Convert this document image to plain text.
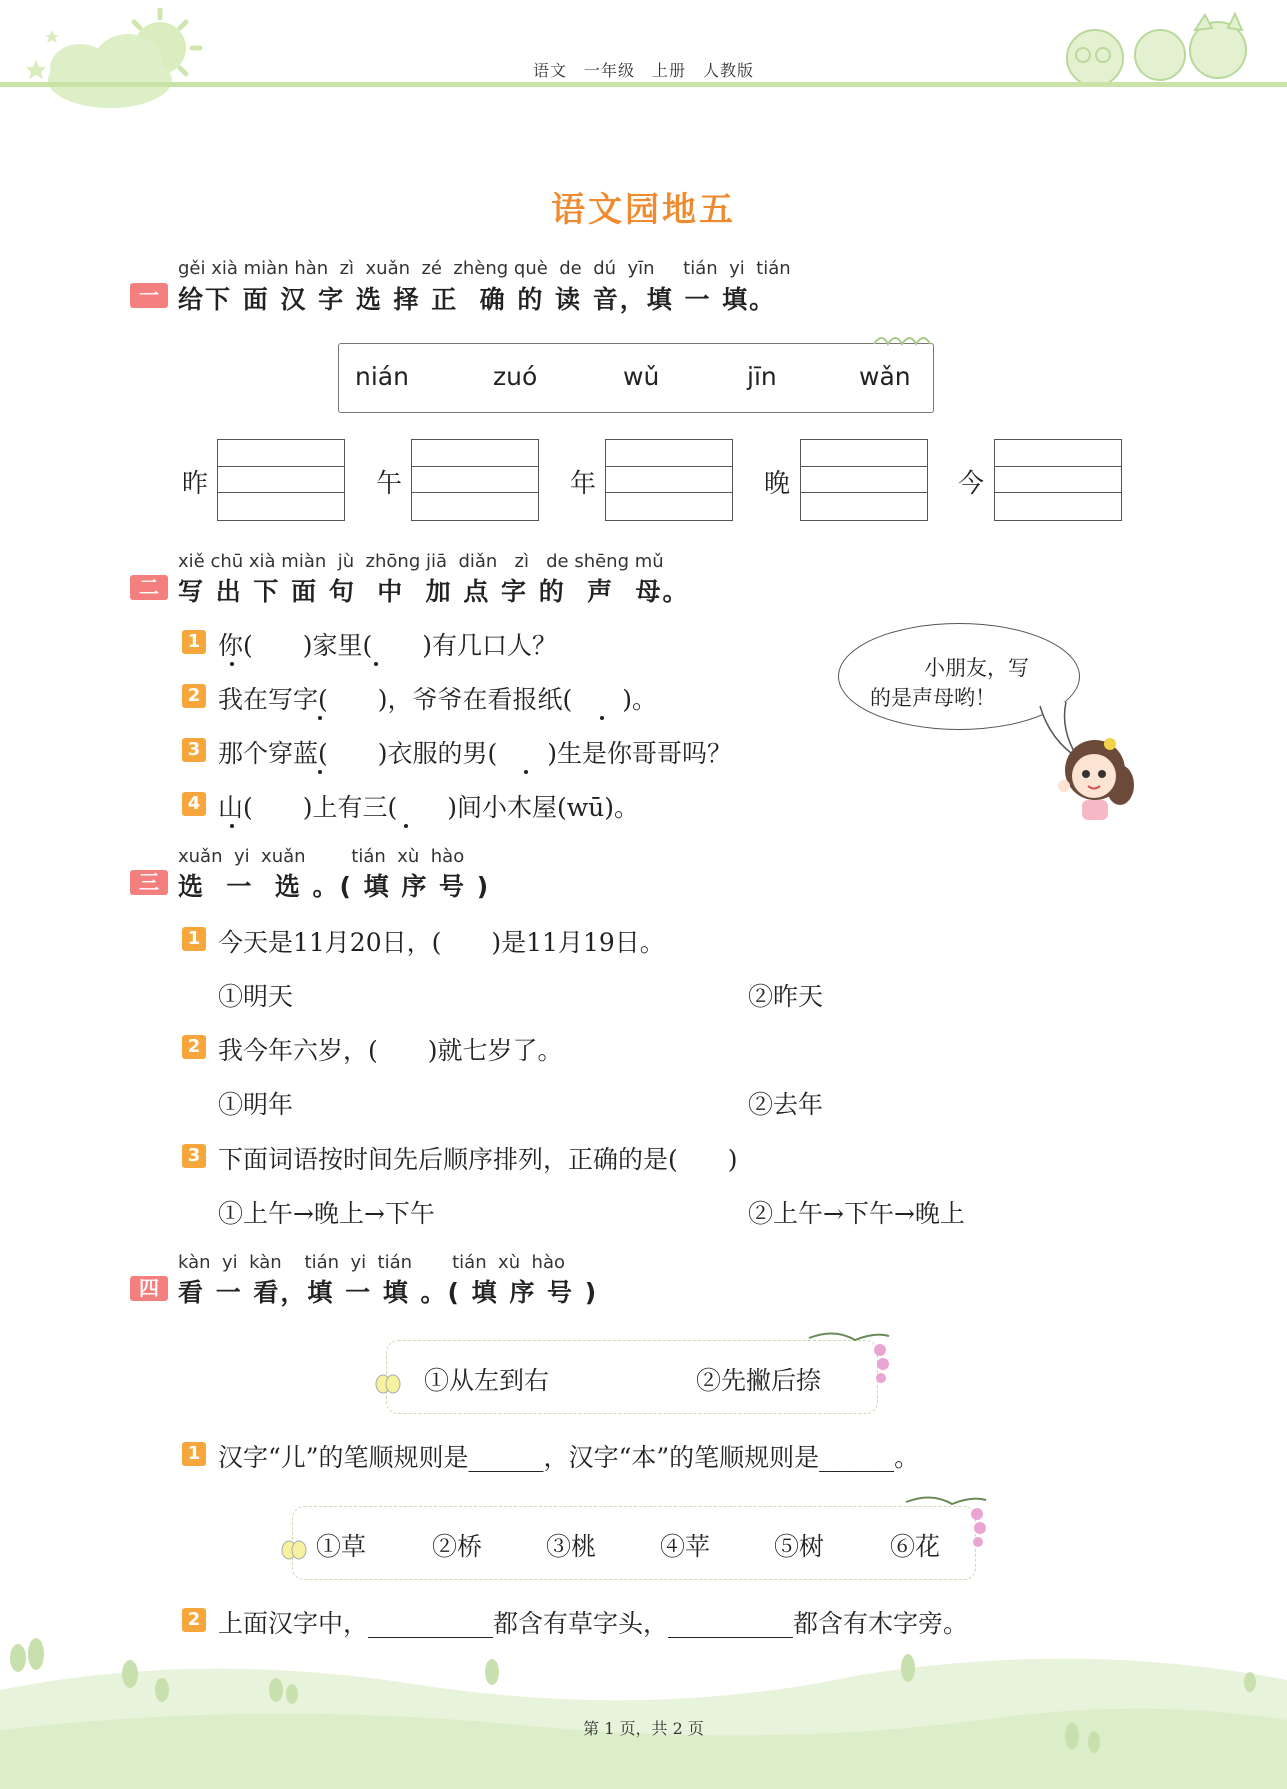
语文　一年级　上册　人教版
语文园地五
gěi xià miàn hàn  zì  xuǎn  zé  zhèng què  de  dú  yīn     tián  yi  tián
一 给下 面 汉 字 选 择 正  确 的 读 音，填 一 填。
nián	zuó	wǔ	jīn	wǎn
昨	午	年	晚	今
xiě chū xià miàn  jù  zhōng jiā  diǎn   zì   de shēng mǔ
二 写 出 下 面 句  中  加 点 字 的  声  母。
1 你(　　)家里(　　)有几口人？
2 我在写字(　　)，爷爷在看报纸(　　)。
3 那个穿蓝(　　)衣服的男(　　)生是你哥哥吗？
4 山(　　)上有三(　　)间小木屋(wū)。
小朋友，写
的是声母哟！
xuǎn  yi  xuǎn        tián  xù  hào
三 选  一  选 。( 填 序 号 )
1 今天是11月20日，(　　)是11月19日。
①明天	②昨天
2 我今年六岁，(　　)就七岁了。
①明年	②去年
3 下面词语按时间先后顺序排列，正确的是(　　)
①上午→晚上→下午	②上午→下午→晚上
kàn  yi  kàn    tián  yi  tián       tián  xù  hào
四 看 一 看，填 一 填 。( 填 序 号 )
①从左到右	②先撇后捺
1 汉字“儿”的笔顺规则是______，汉字“本”的笔顺规则是______。
①草	②桥	③桃	④苹	⑤树	⑥花
2 上面汉字中，__________都含有草字头，__________都含有木字旁。
第 1 页，共 2 页
